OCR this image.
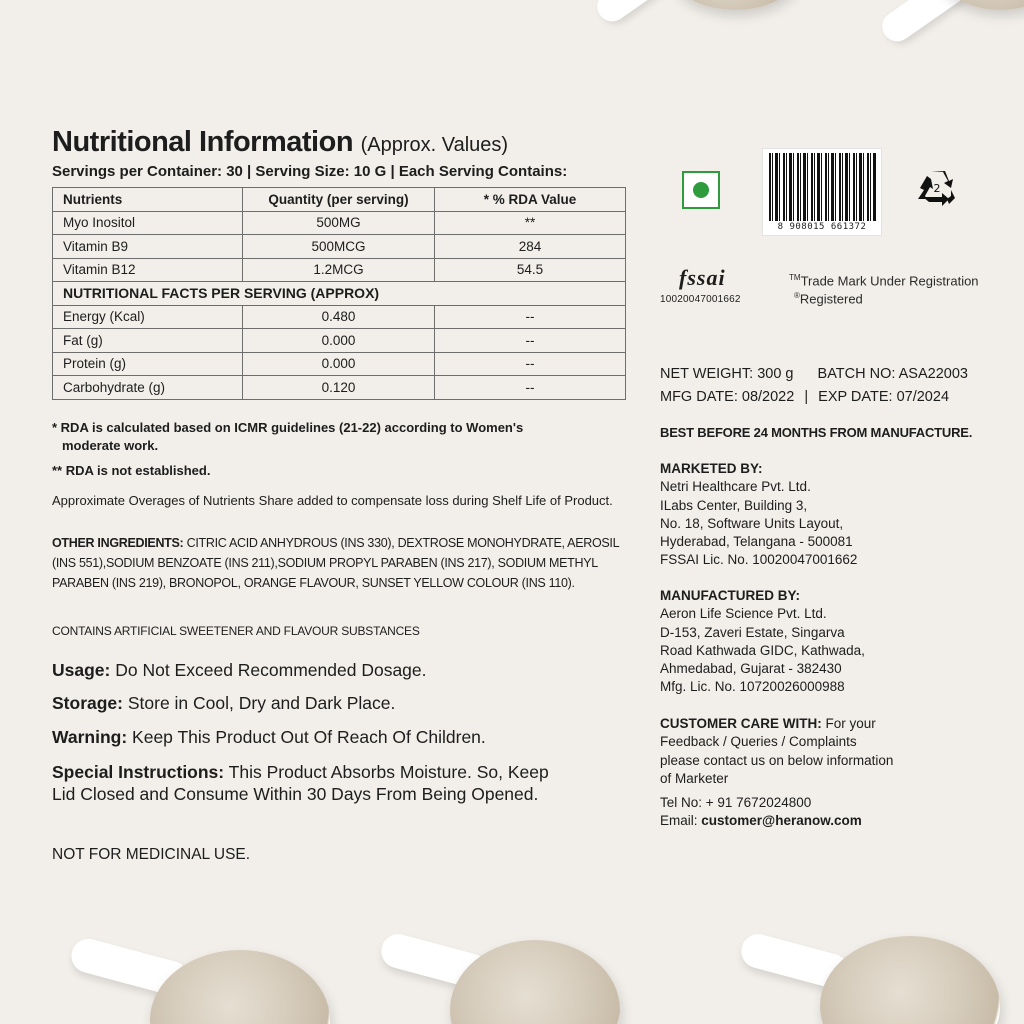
Nutritional Information (Approx. Values)
Servings per Container: 30 | Serving Size: 10 G | Each Serving Contains:
Nutrients	Quantity (per serving)	* % RDA Value
Myo Inositol	500MG	**
Vitamin B9	500MCG	284
Vitamin B12	1.2MCG	54.5
NUTRITIONAL FACTS PER SERVING (APPROX)		
Energy (Kcal)	0.480	--
Fat (g)	0.000	--
Protein (g)	0.000	--
Carbohydrate (g)	0.120	--
* RDA is calculated based on ICMR guidelines (21-22) according to Women's
moderate work.
** RDA is not established.
Approximate Overages of Nutrients Share added to compensate loss during Shelf Life of Product.
OTHER INGREDIENTS: CITRIC ACID ANHYDROUS (INS 330), DEXTROSE MONOHYDRATE, AEROSIL (INS 551),SODIUM BENZOATE (INS 211),SODIUM PROPYL PARABEN (INS 217), SODIUM METHYL PARABEN (INS 219), BRONOPOL, ORANGE FLAVOUR, SUNSET YELLOW COLOUR (INS 110).
CONTAINS ARTIFICIAL SWEETENER AND FLAVOUR SUBSTANCES
Usage: Do Not Exceed Recommended Dosage.
Storage: Store in Cool, Dry and Dark Place.
Warning: Keep This Product Out Of Reach Of Children.
Special Instructions: This Product Absorbs Moisture. So, Keep Lid Closed and Consume Within 30 Days From Being Opened.
NOT FOR MEDICINAL USE.
8 908015 661372
2
fssai
10020047001662
™Trade Mark Under Registration
®Registered
NET WEIGHT: 300 g BATCH NO: ASA22003
MFG DATE: 08/2022 | EXP DATE: 07/2024
BEST BEFORE 24 MONTHS FROM MANUFACTURE.
MARKETED BY:
Netri Healthcare Pvt. Ltd.
ILabs Center, Building 3,
No. 18, Software Units Layout,
Hyderabad, Telangana - 500081
FSSAI Lic. No. 10020047001662
MANUFACTURED BY:
Aeron Life Science Pvt. Ltd.
D-153, Zaveri Estate, Singarva
Road Kathwada GIDC, Kathwada,
Ahmedabad, Gujarat - 382430
Mfg. Lic. No. 10720026000988
CUSTOMER CARE WITH: For your
Feedback / Queries / Complaints
please contact us on below information
of Marketer
Tel No: + 91 7672024800
Email: customer@heranow.com
